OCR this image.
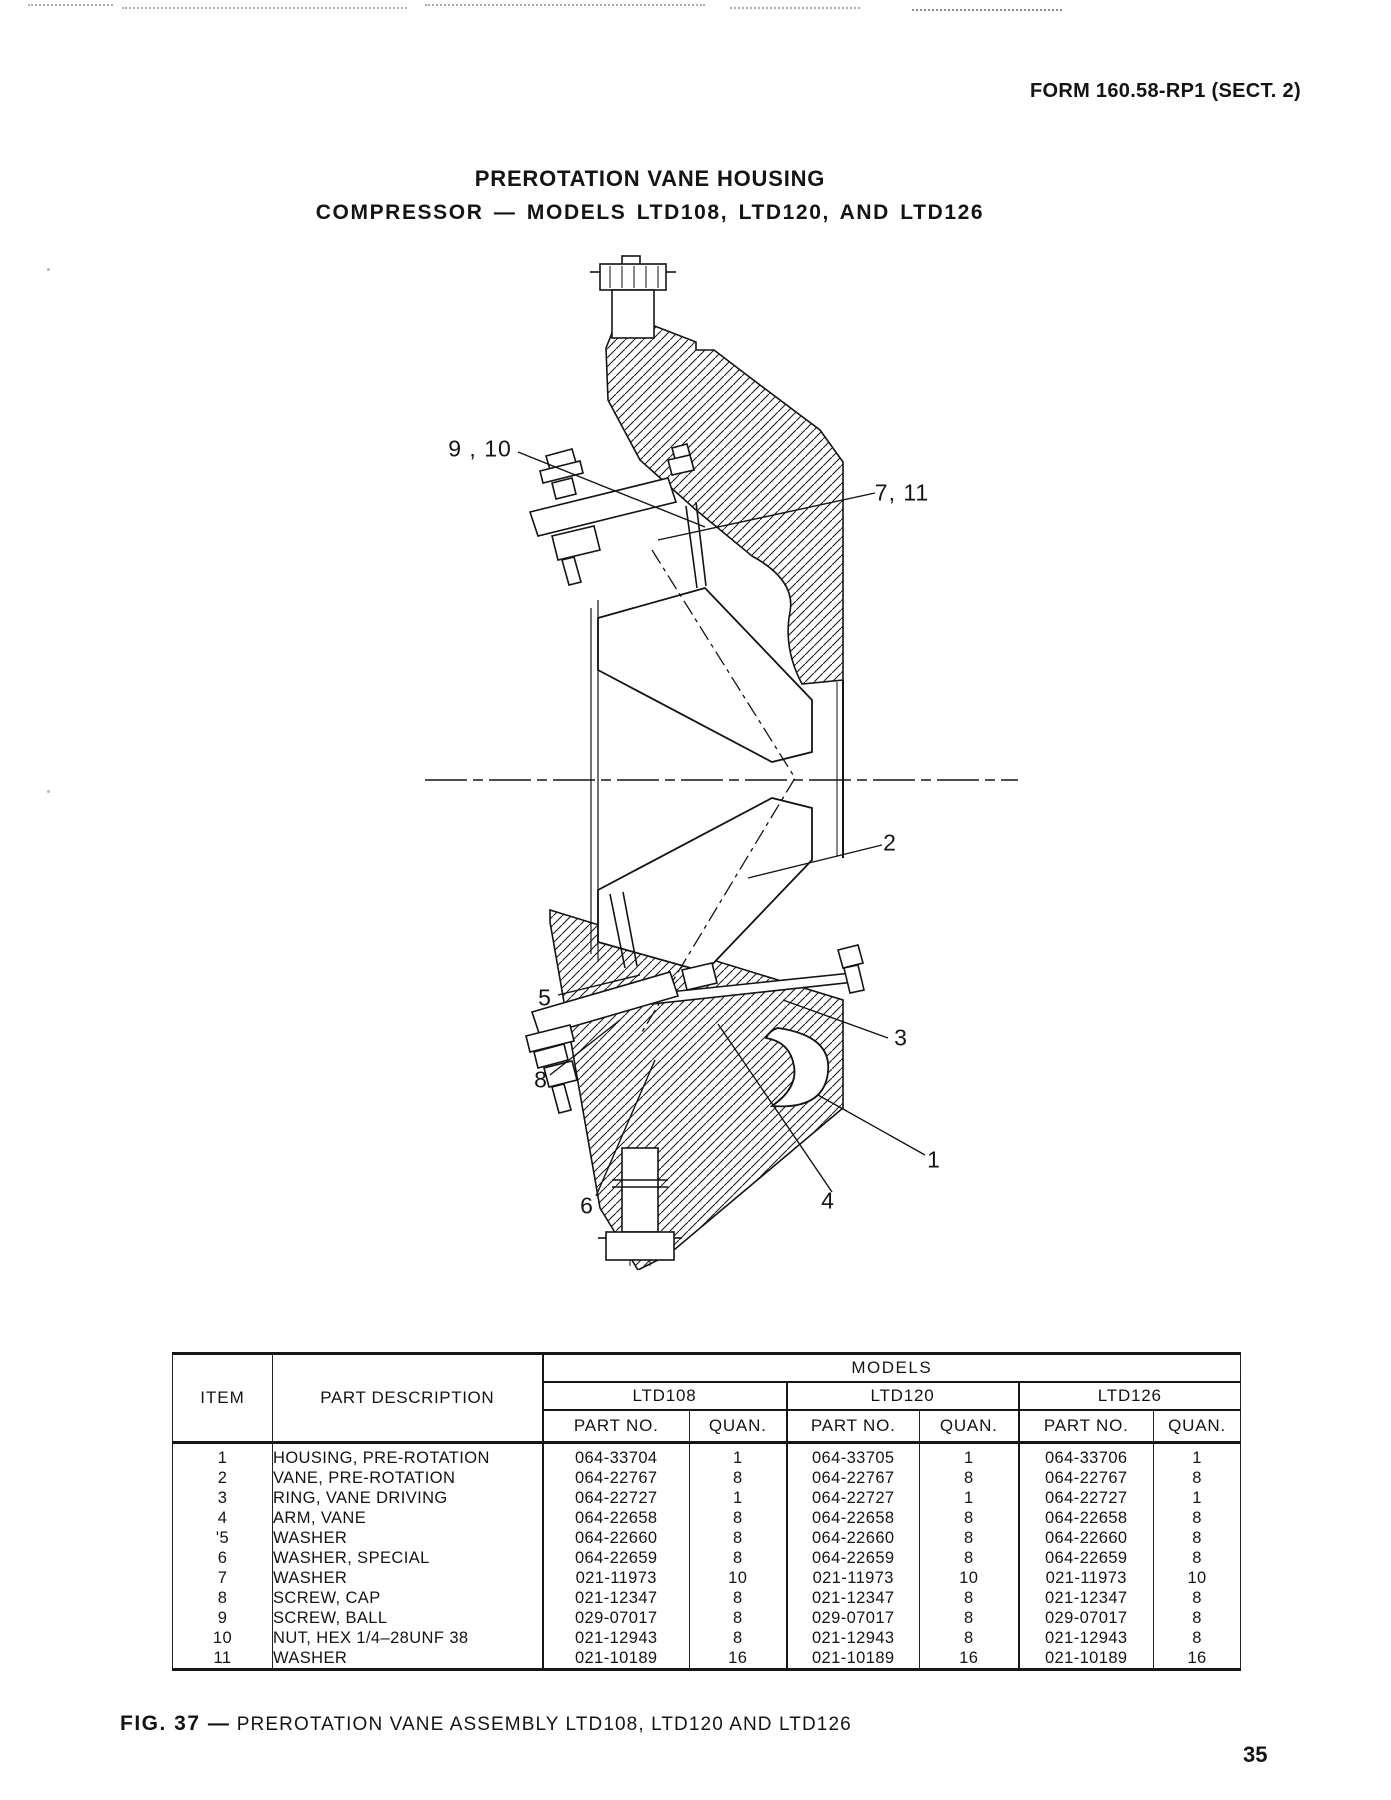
FORM 160.58-RP1 (SECT. 2)
PREROTATION VANE HOUSING
COMPRESSOR — MODELS LTD108, LTD120, AND LTD126
9 , 10
7, 11
2
5
3
8
1
6	4
ITEM	PART DESCRIPTION	MODELS					
		LTD108		LTD120		LTD126	
		PART NO.	QUAN.	PART NO.	QUAN.	PART NO.	QUAN.

1	HOUSING, PRE-ROTATION	064-33704	1	064-33705	1	064-33706	1
2	VANE, PRE-ROTATION	064-22767	8	064-22767	8	064-22767	8
3	RING, VANE DRIVING	064-22727	1	064-22727	1	064-22727	1
4	ARM, VANE	064-22658	8	064-22658	8	064-22658	8
'5	WASHER	064-22660	8	064-22660	8	064-22660	8
6	WASHER, SPECIAL	064-22659	8	064-22659	8	064-22659	8
7	WASHER	021-11973	10	021-11973	10	021-11973	10
8	SCREW, CAP	021-12347	8	021-12347	8	021-12347	8
9	SCREW, BALL	029-07017	8	029-07017	8	029-07017	8
10	NUT, HEX 1/4–28UNF 38	021-12943	8	021-12943	8	021-12943	8
11	WASHER	021-10189	16	021-10189	16	021-10189	16
FIG. 37 — PREROTATION VANE ASSEMBLY LTD108, LTD120 AND LTD126
35
